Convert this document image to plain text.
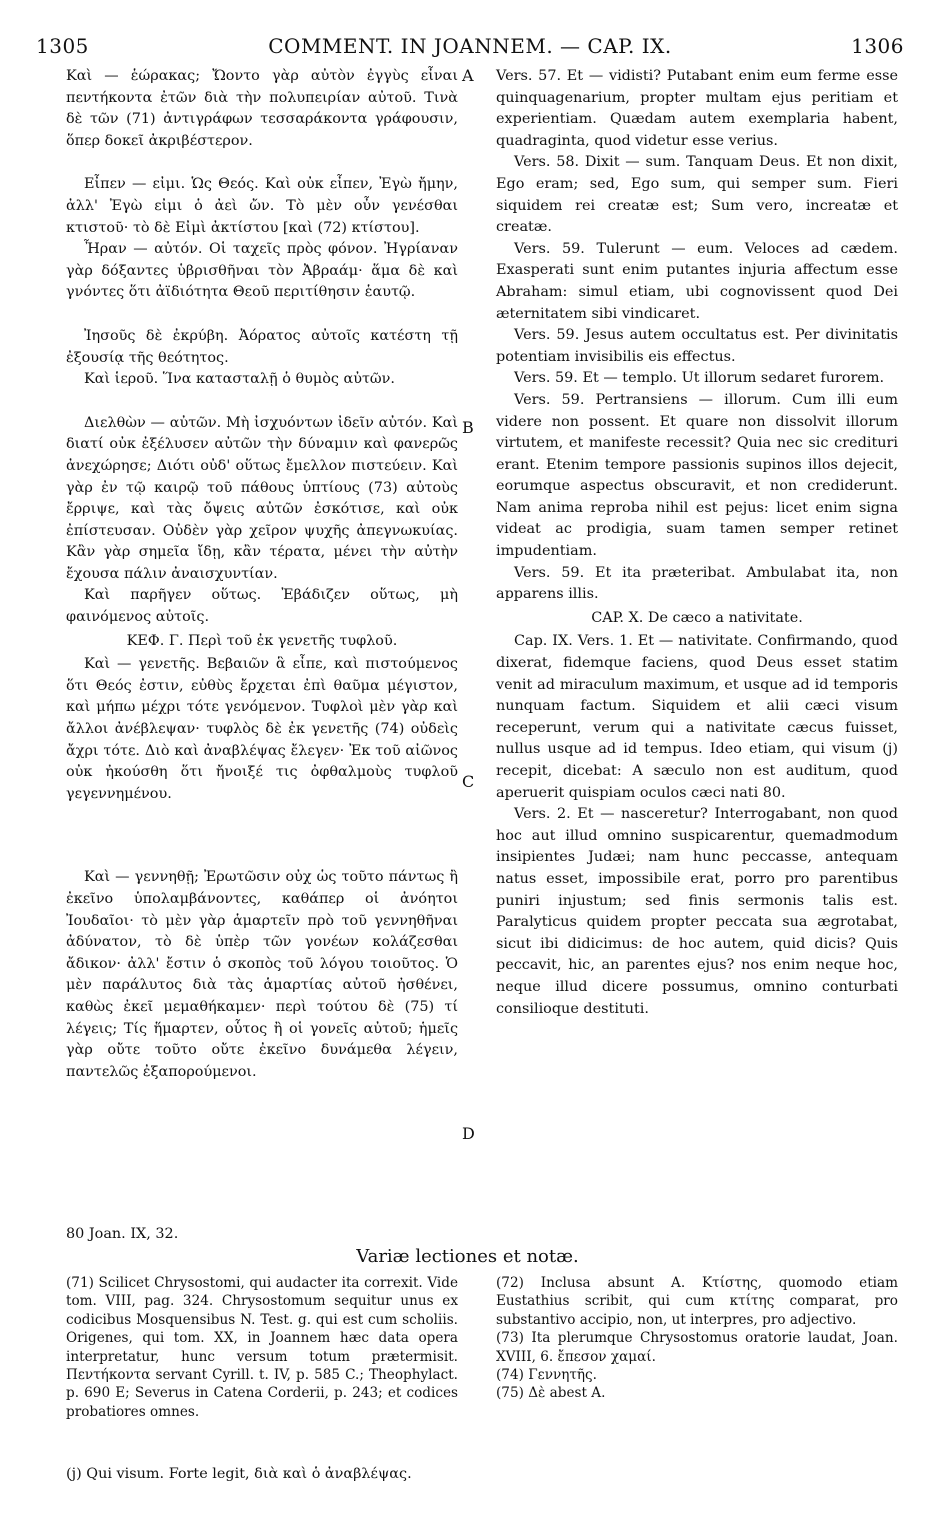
1305	COMMENT. IN JOANNEM. — CAP. IX.	1306

Καὶ — ἑώρακας; Ὤοντο γὰρ αὐτὸν ἐγγὺς εἶναι πεντήκοντα ἐτῶν διὰ τὴν πολυπειρίαν αὐτοῦ. Τινὰ δὲ τῶν (71) ἀντιγράφων τεσσαράκοντα γράφουσιν, ὅπερ δοκεῖ ἀκριβέστερον.

Εἶπεν — εἰμι. Ὡς Θεός. Καὶ οὐκ εἶπεν, Ἐγὼ ἤμην, ἀλλ' Ἐγὼ εἰμι ὁ ἀεὶ ὤν. Τὸ μὲν οὖν γενέσθαι κτιστοῦ· τὸ δὲ Εἰμὶ ἀκτίστου [καὶ (72) κτίστου].

Ἦραν — αὐτόν. Οἱ ταχεῖς πρὸς φόνον. Ἠγρίαναν γὰρ δόξαντες ὑβρισθῆναι τὸν Ἀβραάμ· ἅμα δὲ καὶ γνόντες ὅτι ἀϊδιότητα Θεοῦ περιτίθησιν ἑαυτῷ.

Ἰησοῦς δὲ ἐκρύβη. Ἀόρατος αὐτοῖς κατέστη τῇ ἐξουσίᾳ τῆς θεότητος.

Καὶ ἱεροῦ. Ἵνα κατασταλῇ ὁ θυμὸς αὐτῶν.

Διελθὼν — αὐτῶν. Μὴ ἰσχυόντων ἰδεῖν αὐτόν. Καὶ διατί οὐκ ἐξέλυσεν αὐτῶν τὴν δύναμιν καὶ φανερῶς ἀνεχώρησε; Διότι οὐδ' οὕτως ἔμελλον πιστεύειν. Καὶ γὰρ ἐν τῷ καιρῷ τοῦ πάθους ὑπτίους (73) αὐτοὺς ἔρριψε, καὶ τὰς ὄψεις αὐτῶν ἐσκότισε, καὶ οὐκ ἐπίστευσαν. Οὐδὲν γὰρ χεῖρον ψυχῆς ἀπεγνωκυίας. Κἂν γὰρ σημεῖα ἴδῃ, κἂν τέρατα, μένει τὴν αὐτὴν ἔχουσα πάλιν ἀναισχυντίαν.

Καὶ παρῆγεν οὕτως. Ἐβάδιζεν οὕτως, μὴ φαινόμενος αὐτοῖς.

ΚΕΦ. Γ. Περὶ τοῦ ἐκ γενετῆς τυφλοῦ.

Καὶ — γενετῆς. Βεβαιῶν ἃ εἶπε, καὶ πιστούμενος ὅτι Θεός ἐστιν, εὐθὺς ἔρχεται ἐπὶ θαῦμα μέγιστον, καὶ μήπω μέχρι τότε γενόμενον. Τυφλοὶ μὲν γὰρ καὶ ἄλλοι ἀνέβλεψαν· τυφλὸς δὲ ἐκ γενετῆς (74) οὐδεὶς ἄχρι τότε. Διὸ καὶ ἀναβλέψας ἔλεγεν· Ἐκ τοῦ αἰῶνος οὐκ ἠκούσθη ὅτι ἤνοιξέ τις ὀφθαλμοὺς τυφλοῦ γεγεννημένου.

Καὶ — γεννηθῇ; Ἐρωτῶσιν οὐχ ὡς τοῦτο πάντως ἢ ἐκεῖνο ὑπολαμβάνοντες, καθάπερ οἱ ἀνόητοι Ἰουδαῖοι· τὸ μὲν γὰρ ἁμαρτεῖν πρὸ τοῦ γεννηθῆναι ἀδύνατον, τὸ δὲ ὑπὲρ τῶν γονέων κολάζεσθαι ἄδικον· ἀλλ' ἔστιν ὁ σκοπὸς τοῦ λόγου τοιοῦτος. Ὁ μὲν παράλυτος διὰ τὰς ἁμαρτίας αὐτοῦ ἠσθένει, καθὼς ἐκεῖ μεμαθήκαμεν· περὶ τούτου δὲ (75) τί λέγεις; Τίς ἥμαρτεν, οὗτος ἢ οἱ γονεῖς αὐτοῦ; ἡμεῖς γὰρ οὔτε τοῦτο οὔτε ἐκεῖνο δυνάμεθα λέγειν, παντελῶς ἐξαπορούμενοι.

Vers. 57. Et — vidisti? Putabant enim eum ferme esse quinquagenarium, propter multam ejus peritiam et experientiam. Quædam autem exemplaria habent, quadraginta, quod videtur esse verius.

Vers. 58. Dixit — sum. Tanquam Deus. Et non dixit, Ego eram; sed, Ego sum, qui semper sum. Fieri siquidem rei creatæ est; Sum vero, increatæ et creatæ.

Vers. 59. Tulerunt — eum. Veloces ad cædem. Exasperati sunt enim putantes injuria affectum esse Abraham: simul etiam, ubi cognovissent quod Dei æternitatem sibi vindicaret.

Vers. 59. Jesus autem occultatus est. Per divinitatis potentiam invisibilis eis effectus.

Vers. 59. Et — templo. Ut illorum sedaret furorem.

Vers. 59. Pertransiens — illorum. Cum illi eum videre non possent. Et quare non dissolvit illorum virtutem, et manifeste recessit? Quia nec sic credituri erant. Etenim tempore passionis supinos illos dejecit, eorumque aspectus obscuravit, et non crediderunt. Nam anima reproba nihil est pejus: licet enim signa videat ac prodigia, suam tamen semper retinet impudentiam.

Vers. 59. Et ita præteribat. Ambulabat ita, non apparens illis.

CAP. X. De cæco a nativitate.

Cap. IX. Vers. 1. Et — nativitate. Confirmando, quod dixerat, fidemque faciens, quod Deus esset statim venit ad miraculum maximum, et usque ad id temporis nunquam factum. Siquidem et alii cæci visum receperunt, verum qui a nativitate cæcus fuisset, nullus usque ad id tempus. Ideo etiam, qui visum (j) recepit, dicebat: A sæculo non est auditum, quod aperuerit quispiam oculos cæci nati 80.

Vers. 2. Et — nasceretur? Interrogabant, non quod hoc aut illud omnino suspicarentur, quemadmodum insipientes Judæi; nam hunc peccasse, antequam natus esset, impossibile erat, porro pro parentibus puniri injustum; sed finis sermonis talis est. Paralyticus quidem propter peccata sua ægrotabat, sicut ibi didicimus: de hoc autem, quid dicis? Quis peccavit, hic, an parentes ejus? nos enim neque hoc, neque illud dicere possumus, omnino conturbati consilioque destituti.

A
B
C
D
80 Joan. IX, 32.
Variæ lectiones et notæ.

(71) Scilicet Chrysostomi, qui audacter ita correxit. Vide tom. VIII, pag. 324. Chrysostomum sequitur unus ex codicibus Mosquensibus N. Test. g. qui est cum scholiis. Origenes, qui tom. XX, in Joannem hæc data opera interpretatur, hunc versum totum prætermisit. Πεντήκοντα servant Cyrill. t. IV, p. 585 C.; Theophylact. p. 690 E; Severus in Catena Corderii, p. 243; et codices probatiores omnes.

(72) Inclusa absunt A. Κτίστης, quomodo etiam Eustathius scribit, qui cum κτίτης comparat, pro substantivo accipio, non, ut interpres, pro adjectivo.

(73) Ita plerumque Chrysostomus oratorie laudat, Joan. XVIII, 6. ἔπεσον χαμαί.

(74) Γεννητῆς.

(75) Δὲ abest A.

(j) Qui visum. Forte legit, διὰ καὶ ὁ ἀναβλέψας.
